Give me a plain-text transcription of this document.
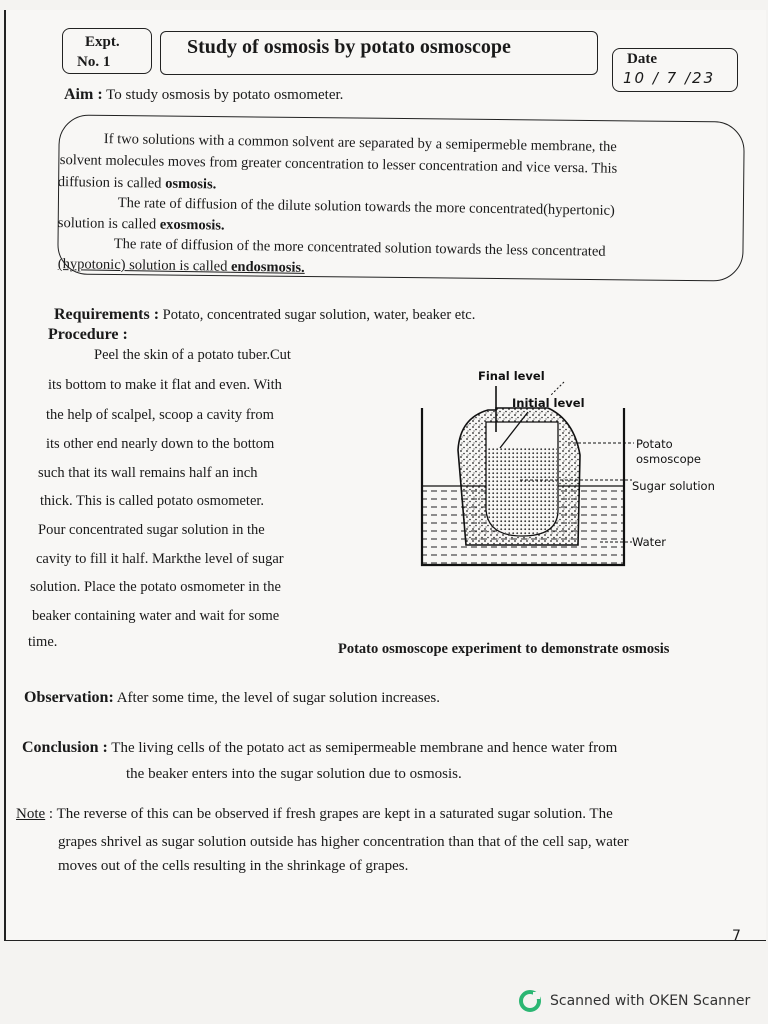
Expt.
No. 1
Study of osmosis by potato osmoscope
Date
10 / 7 /23
Aim : To study osmosis by potato osmometer.
If two solutions with a common solvent are separated by a semipermeble membrane, the
solvent molecules moves from greater concentration to lesser concentration and vice versa. This
diffusion is called osmosis.
The rate of diffusion of the dilute solution towards the more concentrated(hypertonic)
solution is called exosmosis.
The rate of diffusion of the more concentrated solution towards the less concentrated
(hypotonic) solution is called endosmosis.
Requirements : Potato, concentrated sugar solution, water, beaker etc.
Procedure :
Peel the skin of a potato tuber.Cut
its bottom to make it flat and even. With
the help of scalpel, scoop a cavity from
its other end nearly down to the bottom
such that its wall remains half an inch
thick. This is called potato osmometer.
Pour concentrated sugar solution in the
cavity to fill it half. Markthe level of sugar
solution. Place the potato osmometer in the
beaker containing water and wait for some
time.
Final level
Initial level
Potato
osmoscope
Sugar solution
Water
Potato osmoscope experiment to demonstrate osmosis
Observation: After some time, the level of sugar solution increases.
Conclusion : The living cells of the potato act as semipermeable membrane and hence water from
the beaker enters into the sugar solution due to osmosis.
Note : The reverse of this can be observed if fresh grapes are kept in a saturated sugar solution. The
grapes shrivel as sugar solution outside has higher concentration than that of the cell sap, water
moves out of the cells resulting in the shrinkage of grapes.
7
Scanned with OKEN Scanner
